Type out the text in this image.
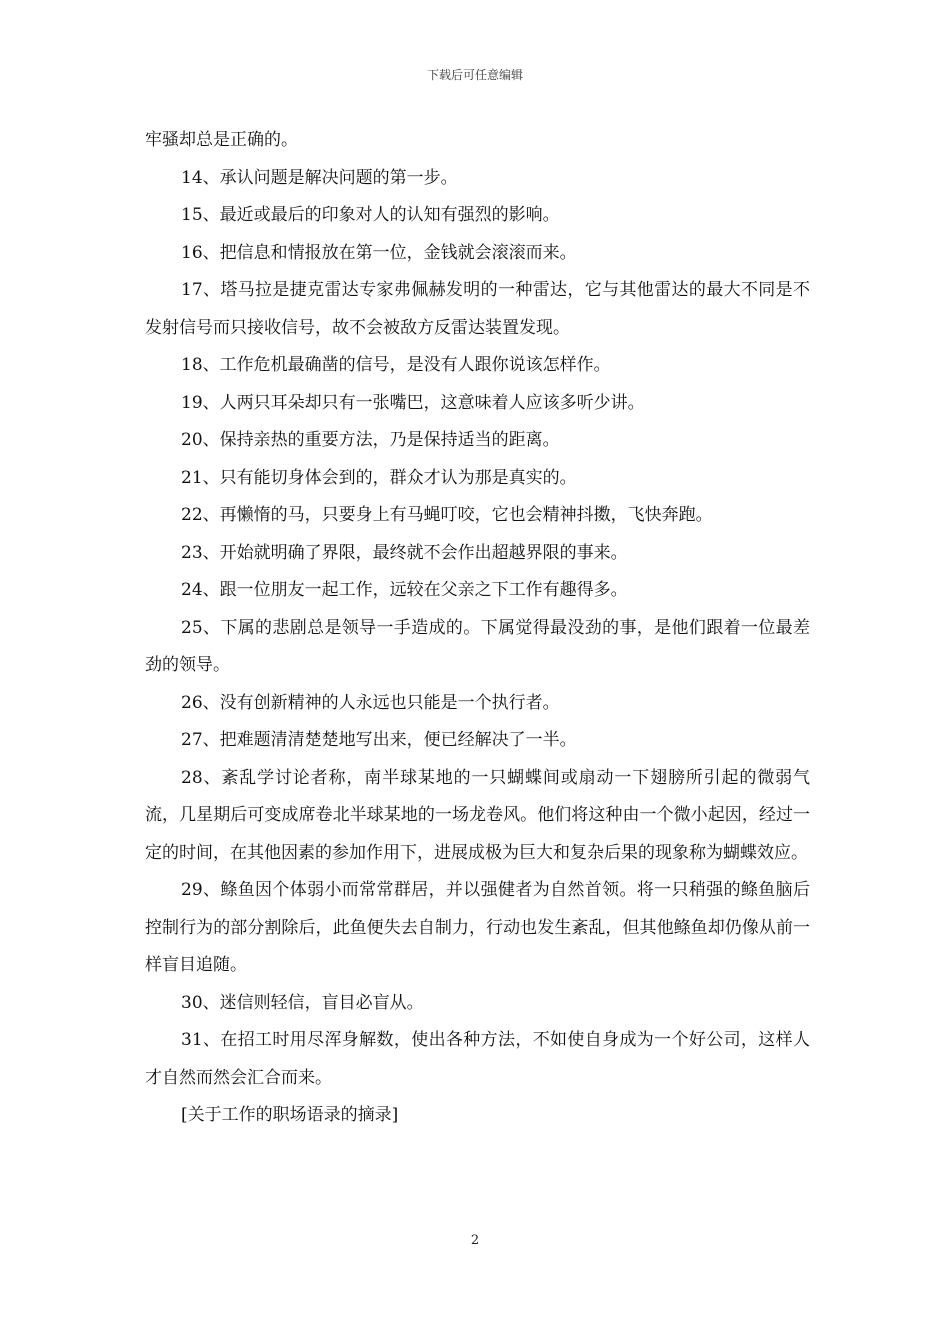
下载后可任意编辑

牢骚却总是正确的。

14、承认问题是解决问题的第一步。

15、最近或最后的印象对人的认知有强烈的影响。

16、把信息和情报放在第一位，金钱就会滚滚而来。

17、塔马拉是捷克雷达专家弗佩赫发明的一种雷达，它与其他雷达的最大不同是不发射信号而只接收信号，故不会被敌方反雷达装置发现。

18、工作危机最确凿的信号，是没有人跟你说该怎样作。

19、人两只耳朵却只有一张嘴巴，这意味着人应该多听少讲。

20、保持亲热的重要方法，乃是保持适当的距离。

21、只有能切身体会到的，群众才认为那是真实的。

22、再懒惰的马，只要身上有马蝇叮咬，它也会精神抖擞，飞快奔跑。

23、开始就明确了界限，最终就不会作出超越界限的事来。

24、跟一位朋友一起工作，远较在父亲之下工作有趣得多。

25、下属的悲剧总是领导一手造成的。下属觉得最没劲的事，是他们跟着一位最差劲的领导。

26、没有创新精神的人永远也只能是一个执行者。

27、把难题清清楚楚地写出来，便已经解决了一半。

28、紊乱学讨论者称，南半球某地的一只蝴蝶间或扇动一下翅膀所引起的微弱气流，几星期后可变成席卷北半球某地的一场龙卷风。他们将这种由一个微小起因，经过一定的时间，在其他因素的参加作用下，进展成极为巨大和复杂后果的现象称为蝴蝶效应。

29、鲦鱼因个体弱小而常常群居，并以强健者为自然首领。将一只稍强的鲦鱼脑后控制行为的部分割除后，此鱼便失去自制力，行动也发生紊乱，但其他鲦鱼却仍像从前一样盲目追随。

30、迷信则轻信，盲目必盲从。

31、在招工时用尽浑身解数，使出各种方法，不如使自身成为一个好公司，这样人才自然而然会汇合而来。

[关于工作的职场语录的摘录]

2
